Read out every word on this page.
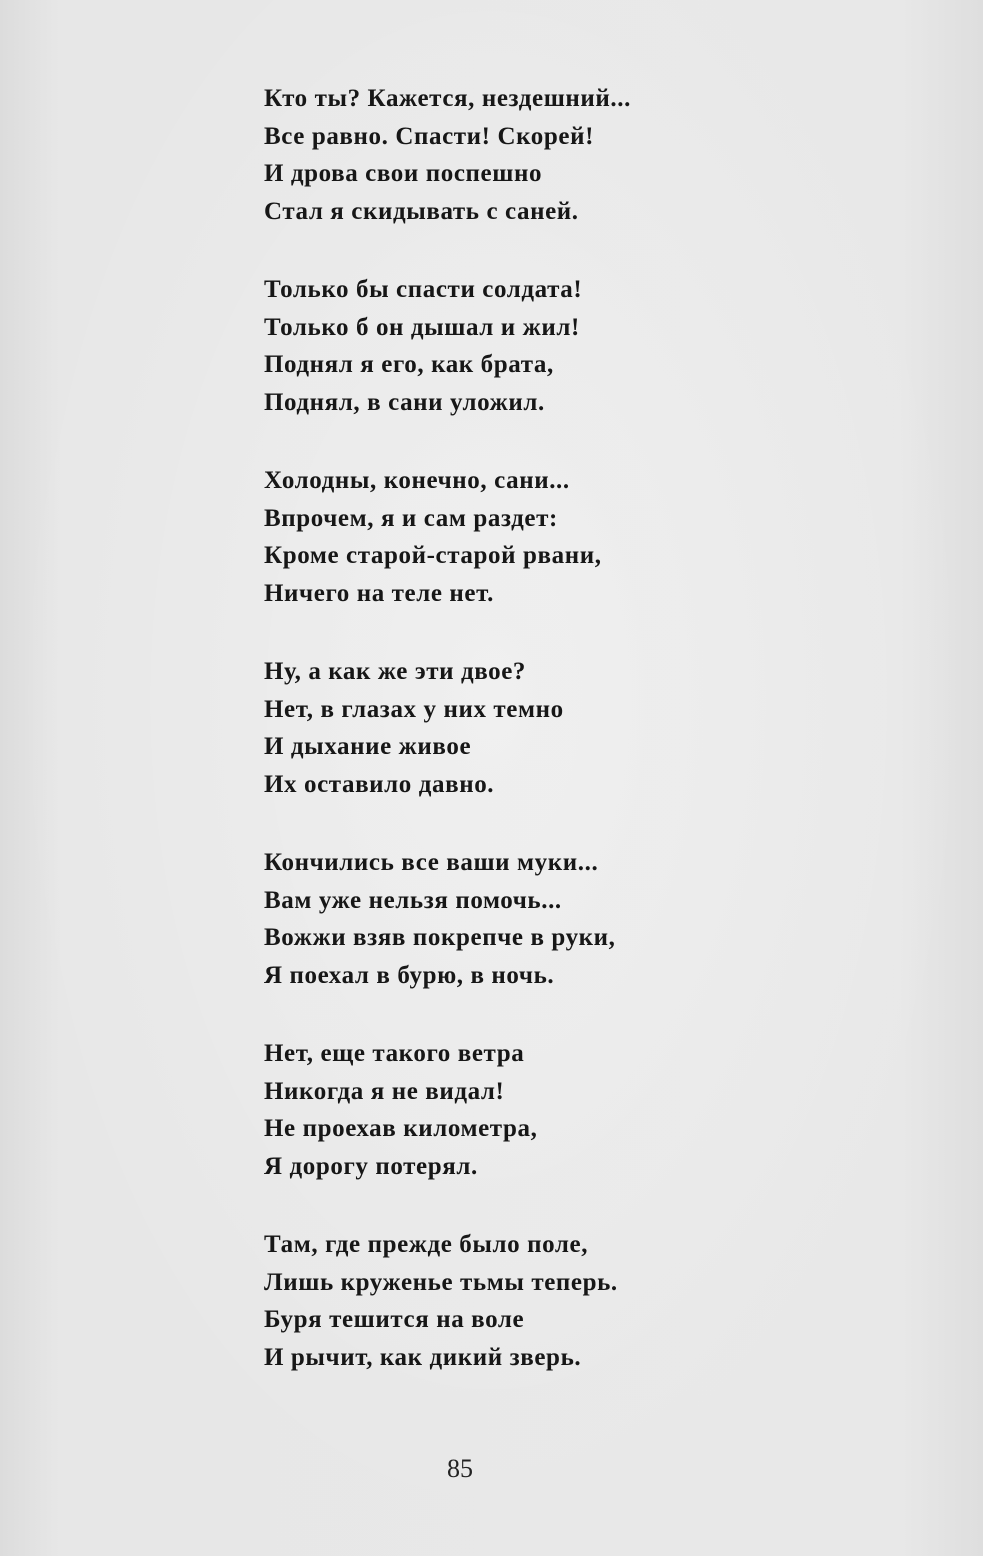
Кто ты? Кажется, нездешний...
Все равно. Спасти! Скорей!
И дрова свои поспешно
Стал я скидывать с саней.
Только бы спасти солдата!
Только б он дышал и жил!
Поднял я его, как брата,
Поднял, в сани уложил.
Холодны, конечно, сани...
Впрочем, я и сам раздет:
Кроме старой-старой рвани,
Ничего на теле нет.
Ну, а как же эти двое?
Нет, в глазах у них темно
И дыхание живое
Их оставило давно.
Кончились все ваши муки...
Вам уже нельзя помочь...
Вожжи взяв покрепче в руки,
Я поехал в бурю, в ночь.
Нет, еще такого ветра
Никогда я не видал!
Не проехав километра,
Я дорогу потерял.
Там, где прежде было поле,
Лишь круженье тьмы теперь.
Буря тешится на воле
И рычит, как дикий зверь.
85
